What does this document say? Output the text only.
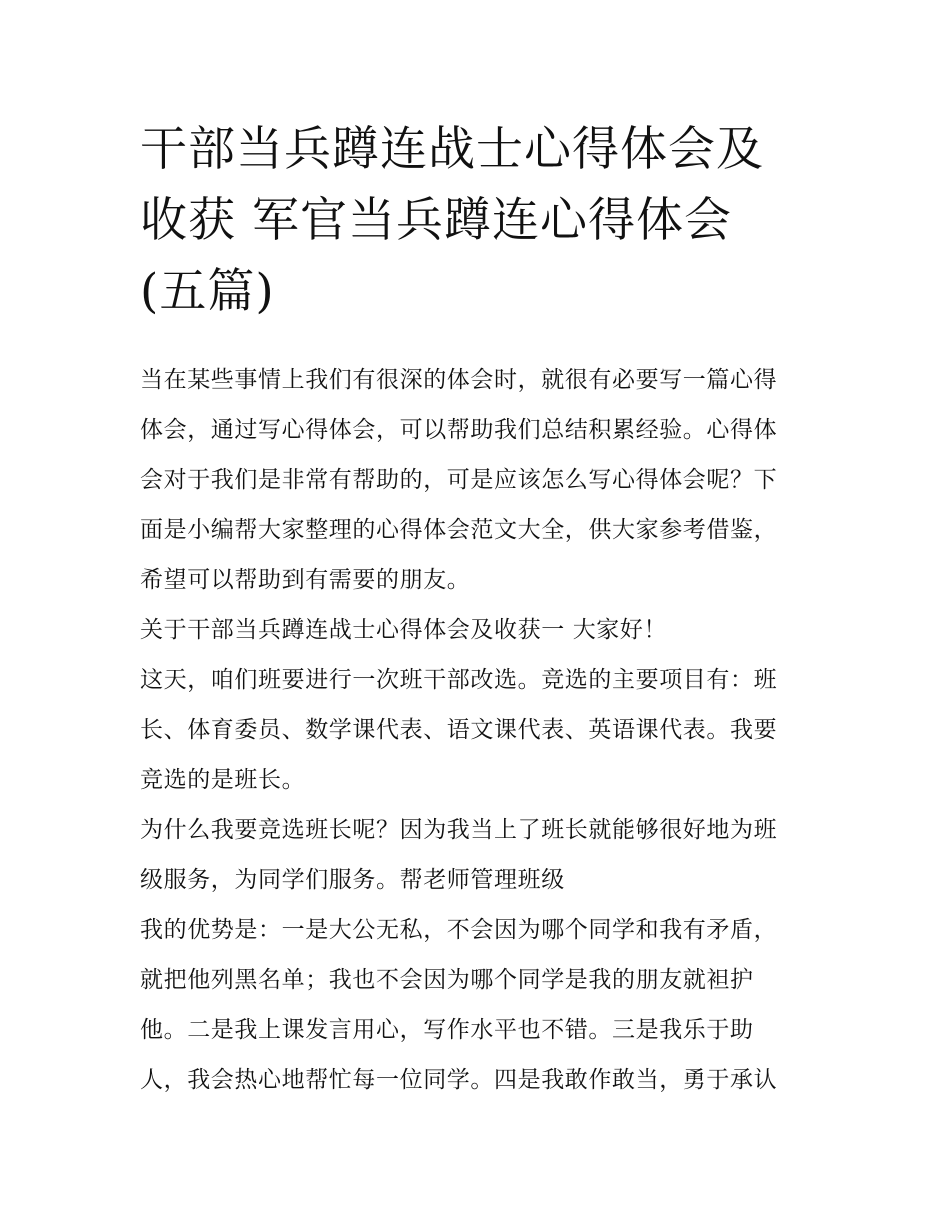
干部当兵蹲连战士心得体会及
收获 军官当兵蹲连心得体会
(五篇)

当在某些事情上我们有很深的体会时，就很有必要写一篇心得
体会，通过写心得体会，可以帮助我们总结积累经验。心得体
会对于我们是非常有帮助的，可是应该怎么写心得体会呢？下
面是小编帮大家整理的心得体会范文大全，供大家参考借鉴，
希望可以帮助到有需要的朋友。

关于干部当兵蹲连战士心得体会及收获一 大家好！

这天，咱们班要进行一次班干部改选。竞选的主要项目有：班
长、体育委员、数学课代表、语文课代表、英语课代表。我要
竞选的是班长。

为什么我要竞选班长呢？因为我当上了班长就能够很好地为班
级服务，为同学们服务。帮老师管理班级

我的优势是：一是大公无私，不会因为哪个同学和我有矛盾，
就把他列黑名单；我也不会因为哪个同学是我的朋友就袒护
他。二是我上课发言用心，写作水平也不错。三是我乐于助
人，我会热心地帮忙每一位同学。四是我敢作敢当，勇于承认
